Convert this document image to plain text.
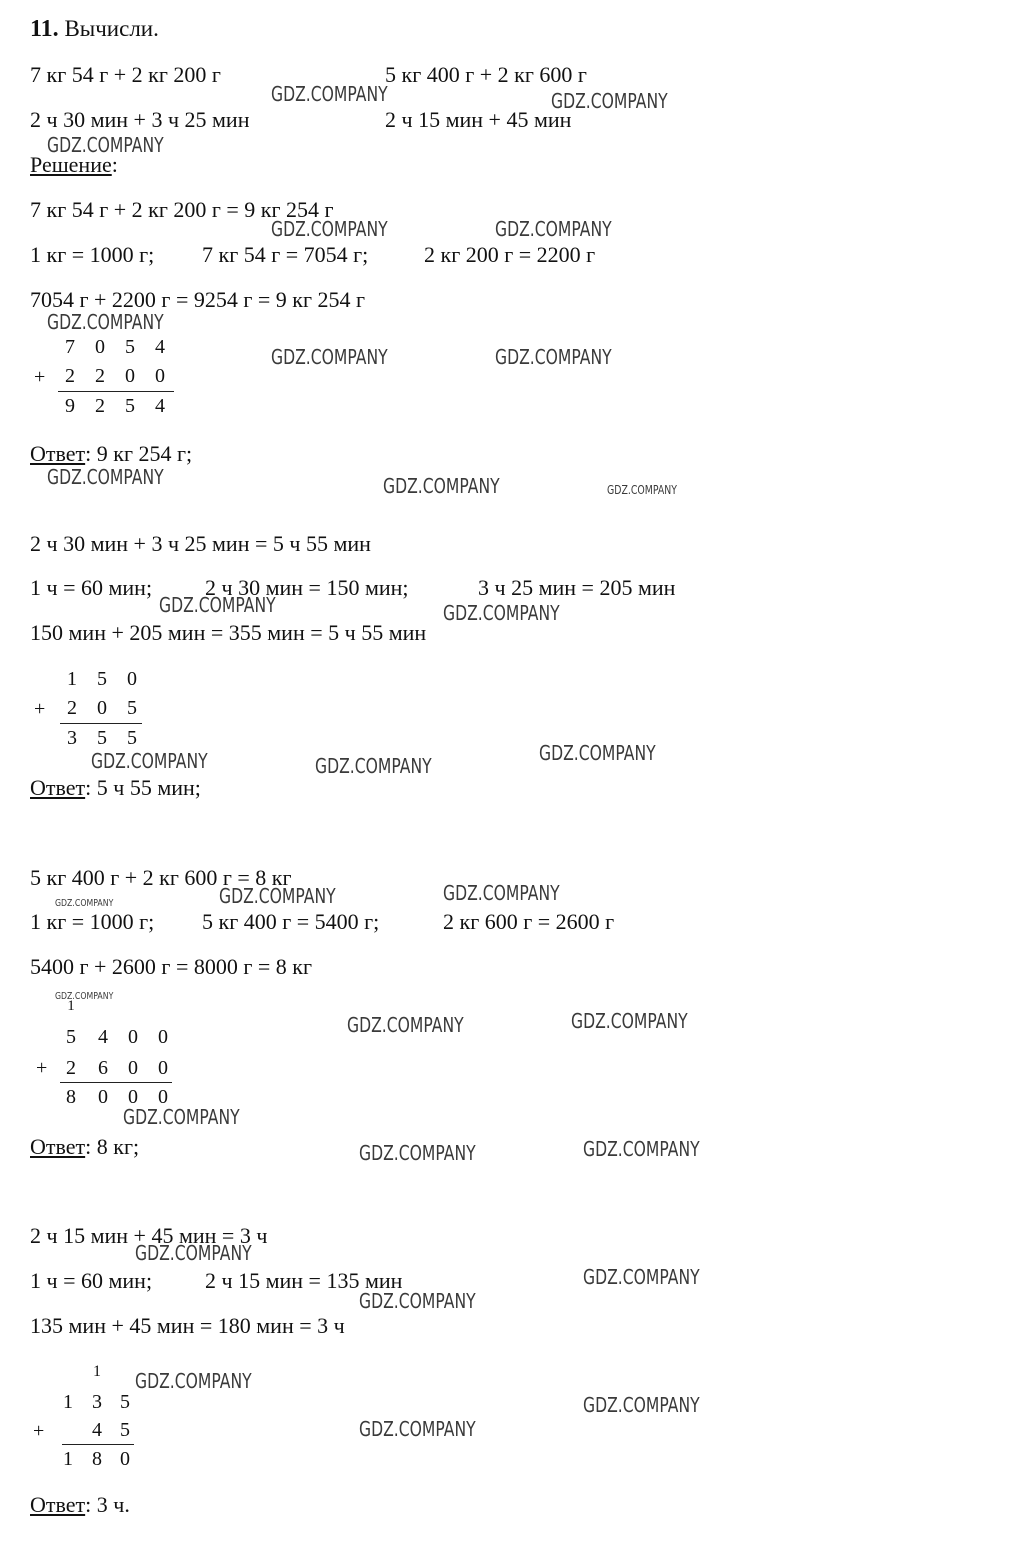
11. Вычисли.
7 кг 54 г + 2 кг 200 г	5 кг 400 г + 2 кг 600 г
2 ч 30 мин + 3 ч 25 мин	2 ч 15 мин + 45 мин
Решение:
7 кг 54 г + 2 кг 200 г = 9 кг 254 г
1 кг = 1000 г; 7 кг 54 г = 7054 г;	2 кг 200 г = 2200 г
7054 г + 2200 г = 9254 г = 9 кг 254 г
7 0 5 4
+ 2 2 0 0
9 2 5 4
Ответ: 9 кг 254 г;
2 ч 30 мин + 3 ч 25 мин = 5 ч 55 мин
1 ч = 60 мин; 2 ч 30 мин = 150 мин;	3 ч 25 мин = 205 мин
150 мин + 205 мин = 355 мин = 5 ч 55 мин
1 5 0
+ 2 0 5
3 5 5
Ответ: 5 ч 55 мин;
5 кг 400 г + 2 кг 600 г = 8 кг
1 кг = 1000 г; 5 кг 400 г = 5400 г;	2 кг 600 г = 2600 г
5400 г + 2600 г = 8000 г = 8 кг
1
5 4 0 0
+ 2 6 0 0
8 0 0 0
Ответ: 8 кг;
2 ч 15 мин + 45 мин = 3 ч
1 ч = 60 мин; 2 ч 15 мин = 135 мин
135 мин + 45 мин = 180 мин = 3 ч
1
1 3 5
+ 4 5
1 8 0
Ответ: 3 ч.
GDZ.COMPANY	GDZ.COMPANY
GDZ.COMPANY
GDZ.COMPANY	GDZ.COMPANY
GDZ.COMPANY
GDZ.COMPANY	GDZ.COMPANY
GDZ.COMPANY	GDZ.COMPANY	GDZ.COMPANY
GDZ.COMPANY	GDZ.COMPANY
GDZ.COMPANY	GDZ.COMPANY
GDZ.COMPANY
GDZ.COMPANY	GDZ.COMPANY
GDZ.COMPANY
GDZ.COMPANY
GDZ.COMPANY	GDZ.COMPANY
GDZ.COMPANY
GDZ.COMPANY	GDZ.COMPANY
GDZ.COMPANY
GDZ.COMPANY
GDZ.COMPANY
GDZ.COMPANY
GDZ.COMPANY
GDZ.COMPANY
